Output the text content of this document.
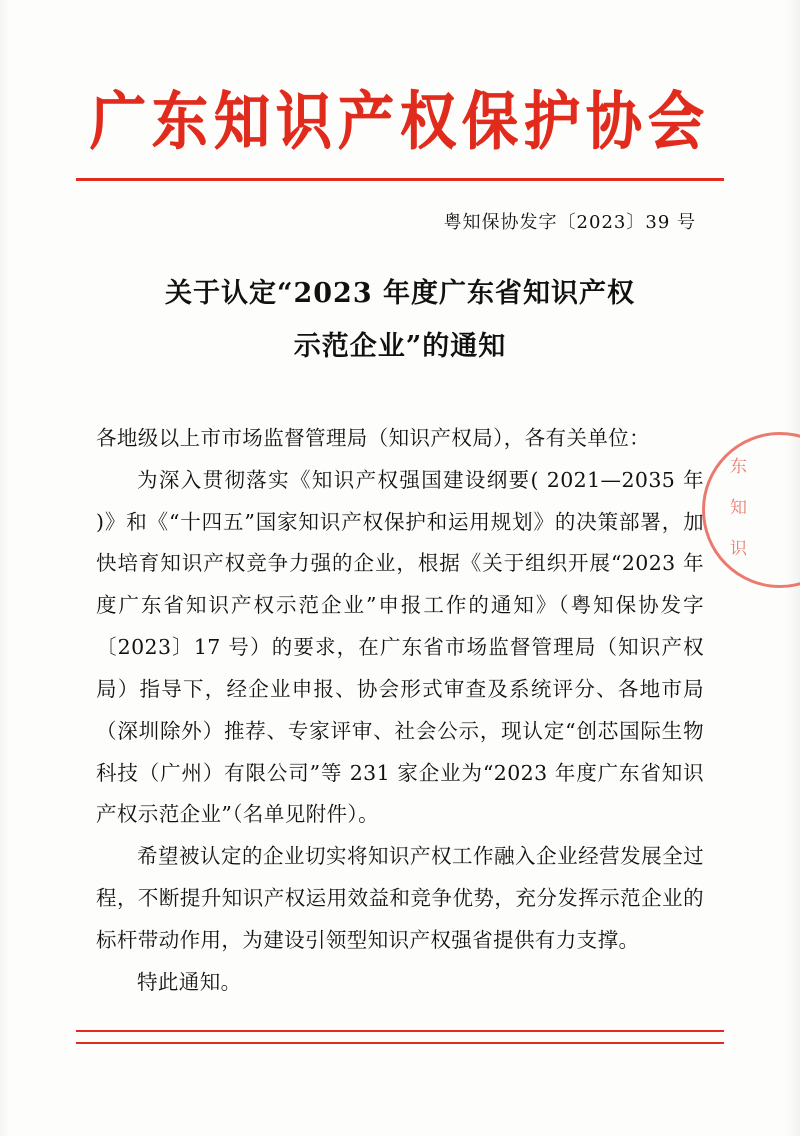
广东知识产权保护协会
粤知保协发字〔2023〕39 号
关于认定“2023 年度广东省知识产权
示范企业”的通知

各地级以上市市场监督管理局（知识产权局），各有关单位：

为深入贯彻落实《知识产权强国建设纲要( 2021—2035 年 )》和《“十四五”国家知识产权保护和运用规划》的决策部署，加快培育知识产权竞争力强的企业，根据《关于组织开展“2023 年度广东省知识产权示范企业”申报工作的通知》（粤知保协发字〔2023〕17 号）的要求，在广东省市场监督管理局（知识产权局）指导下，经企业申报、协会形式审查及系统评分、各地市局（深圳除外）推荐、专家评审、社会公示，现认定“创芯国际生物科技（广州）有限公司”等 231 家企业为“2023 年度广东省知识产权示范企业”（名单见附件）。

希望被认定的企业切实将知识产权工作融入企业经营发展全过程，不断提升知识产权运用效益和竞争优势，充分发挥示范企业的标杆带动作用，为建设引领型知识产权强省提供有力支撑。

特此通知。

东 知 识
